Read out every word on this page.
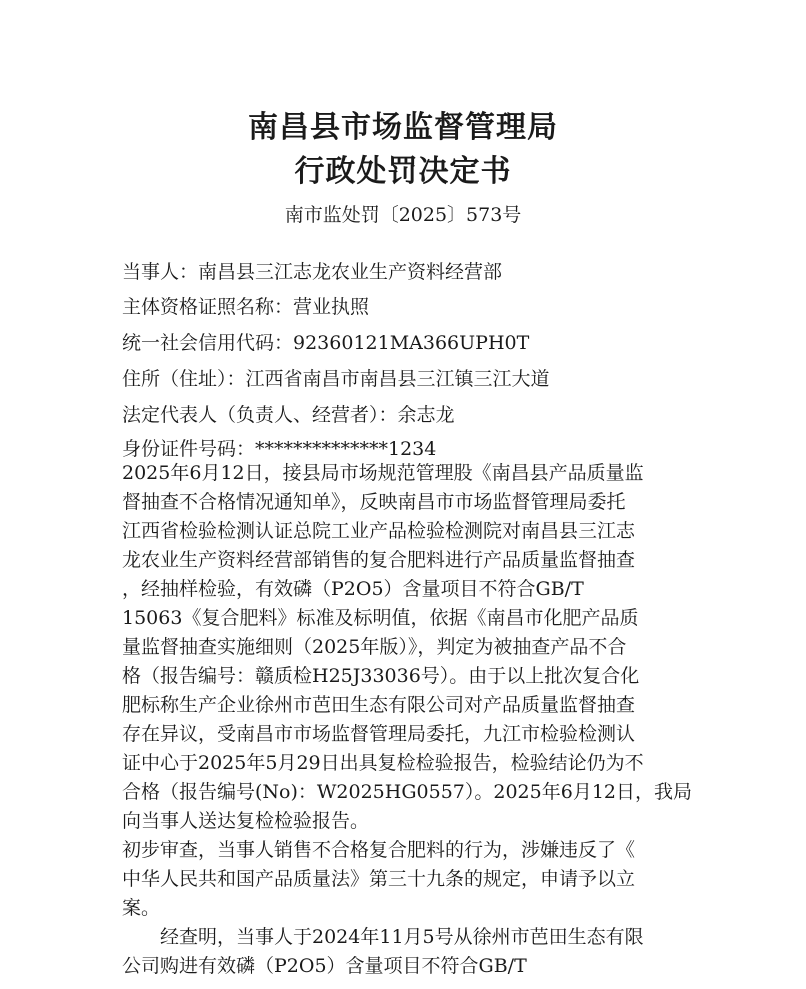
南昌县市场监督管理局
行政处罚决定书
南市监处罚〔2025〕573号
当事人：南昌县三江志龙农业生产资料经营部
主体资格证照名称：营业执照
统一社会信用代码：92360121MA366UPH0T
住所（住址）：江西省南昌市南昌县三江镇三江大道
法定代表人（负责人、经营者）：余志龙
身份证件号码：**************1234

2025年6月12日，接县局市场规范管理股《南昌县产品质量监
督抽查不合格情况通知单》，反映南昌市市场监督管理局委托
江西省检验检测认证总院工业产品检验检测院对南昌县三江志
龙农业生产资料经营部销售的复合肥料进行产品质量监督抽查
，经抽样检验，有效磷（P2O5）含量项目不符合GB/T
15063《复合肥料》标准及标明值，依据《南昌市化肥产品质
量监督抽查实施细则（2025年版）》，判定为被抽查产品不合
格（报告编号：赣质检H25J33036号）。由于以上批次复合化
肥标称生产企业徐州市芭田生态有限公司对产品质量监督抽查
存在异议，受南昌市市场监督管理局委托，九江市检验检测认
证中心于2025年5月29日出具复检检验报告，检验结论仍为不
合格（报告编号(No)：W2025HG0557）。2025年6月12日，我局
向当事人送达复检检验报告。

初步审查，当事人销售不合格复合肥料的行为，涉嫌违反了《
中华人民共和国产品质量法》第三十九条的规定，申请予以立
案。

经查明，当事人于2024年11月5号从徐州市芭田生态有限
公司购进有效磷（P2O5）含量项目不符合GB/T
